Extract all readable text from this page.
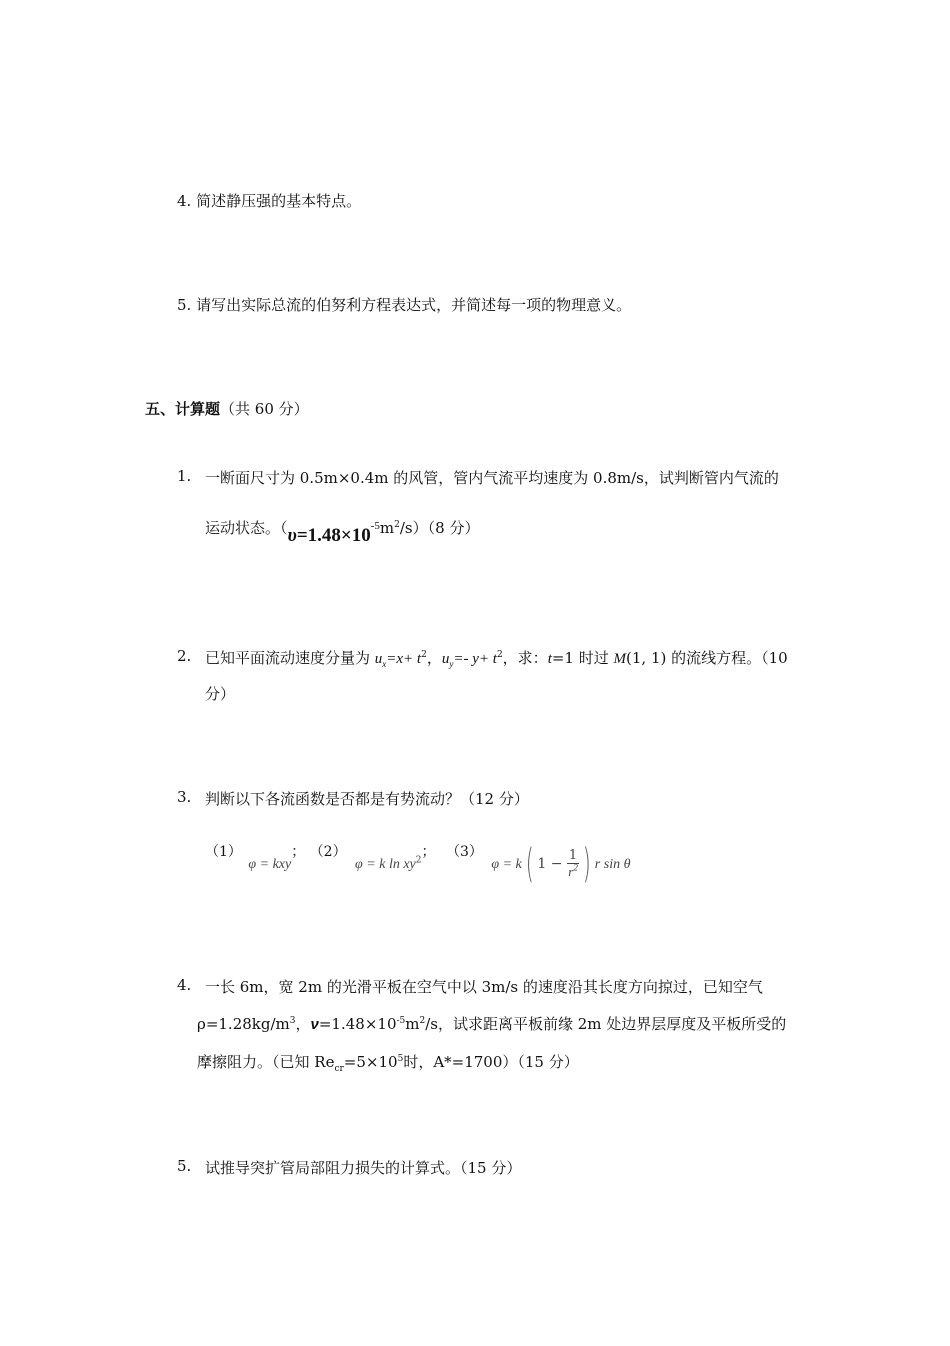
4. 简述静压强的基本特点。
5. 请写出实际总流的伯努利方程表达式，并简述每一项的物理意义。
五、计算题（共 60 分）
1. 一断面尺寸为 0.5m×0.4m 的风管，管内气流平均速度为 0.8m/s，试判断管内气流的
运动状态。$(\upsilon=1.48\times 10^{-5}m^2/s)(8$ 分）
2. 已知平面流动速度分量为 $u_x=x+ t^2$，$u_y=-$ $y+ t^2$，求：t=1 时过 M(1, 1) 的流线方程。（10
分）
3. 判断以下各流函数是否都是有势流动？（12 分）
（1） φ = kxy； （2） φ = k $\ln xy^2$； （3） φ = k( $1 - \frac{1}{r^2}$) r sin θ
4. 一长 6m，宽 2m 的光滑平板在空气中以 3m/s 的速度沿其长度方向掠过，已知空气
$\rho=1.28kg/m^3$，$\nu=1.48\times 10^{-5}m^2/s$，试求距离平板前缘 2m 处边界层厚度及平板所受的
摩擦阻力。（已知 $Re_{cr}=5\times 10^5$时，A*=1700）（15 分）
5. 试推导突扩管局部阻力损失的计算式。（15 分）
